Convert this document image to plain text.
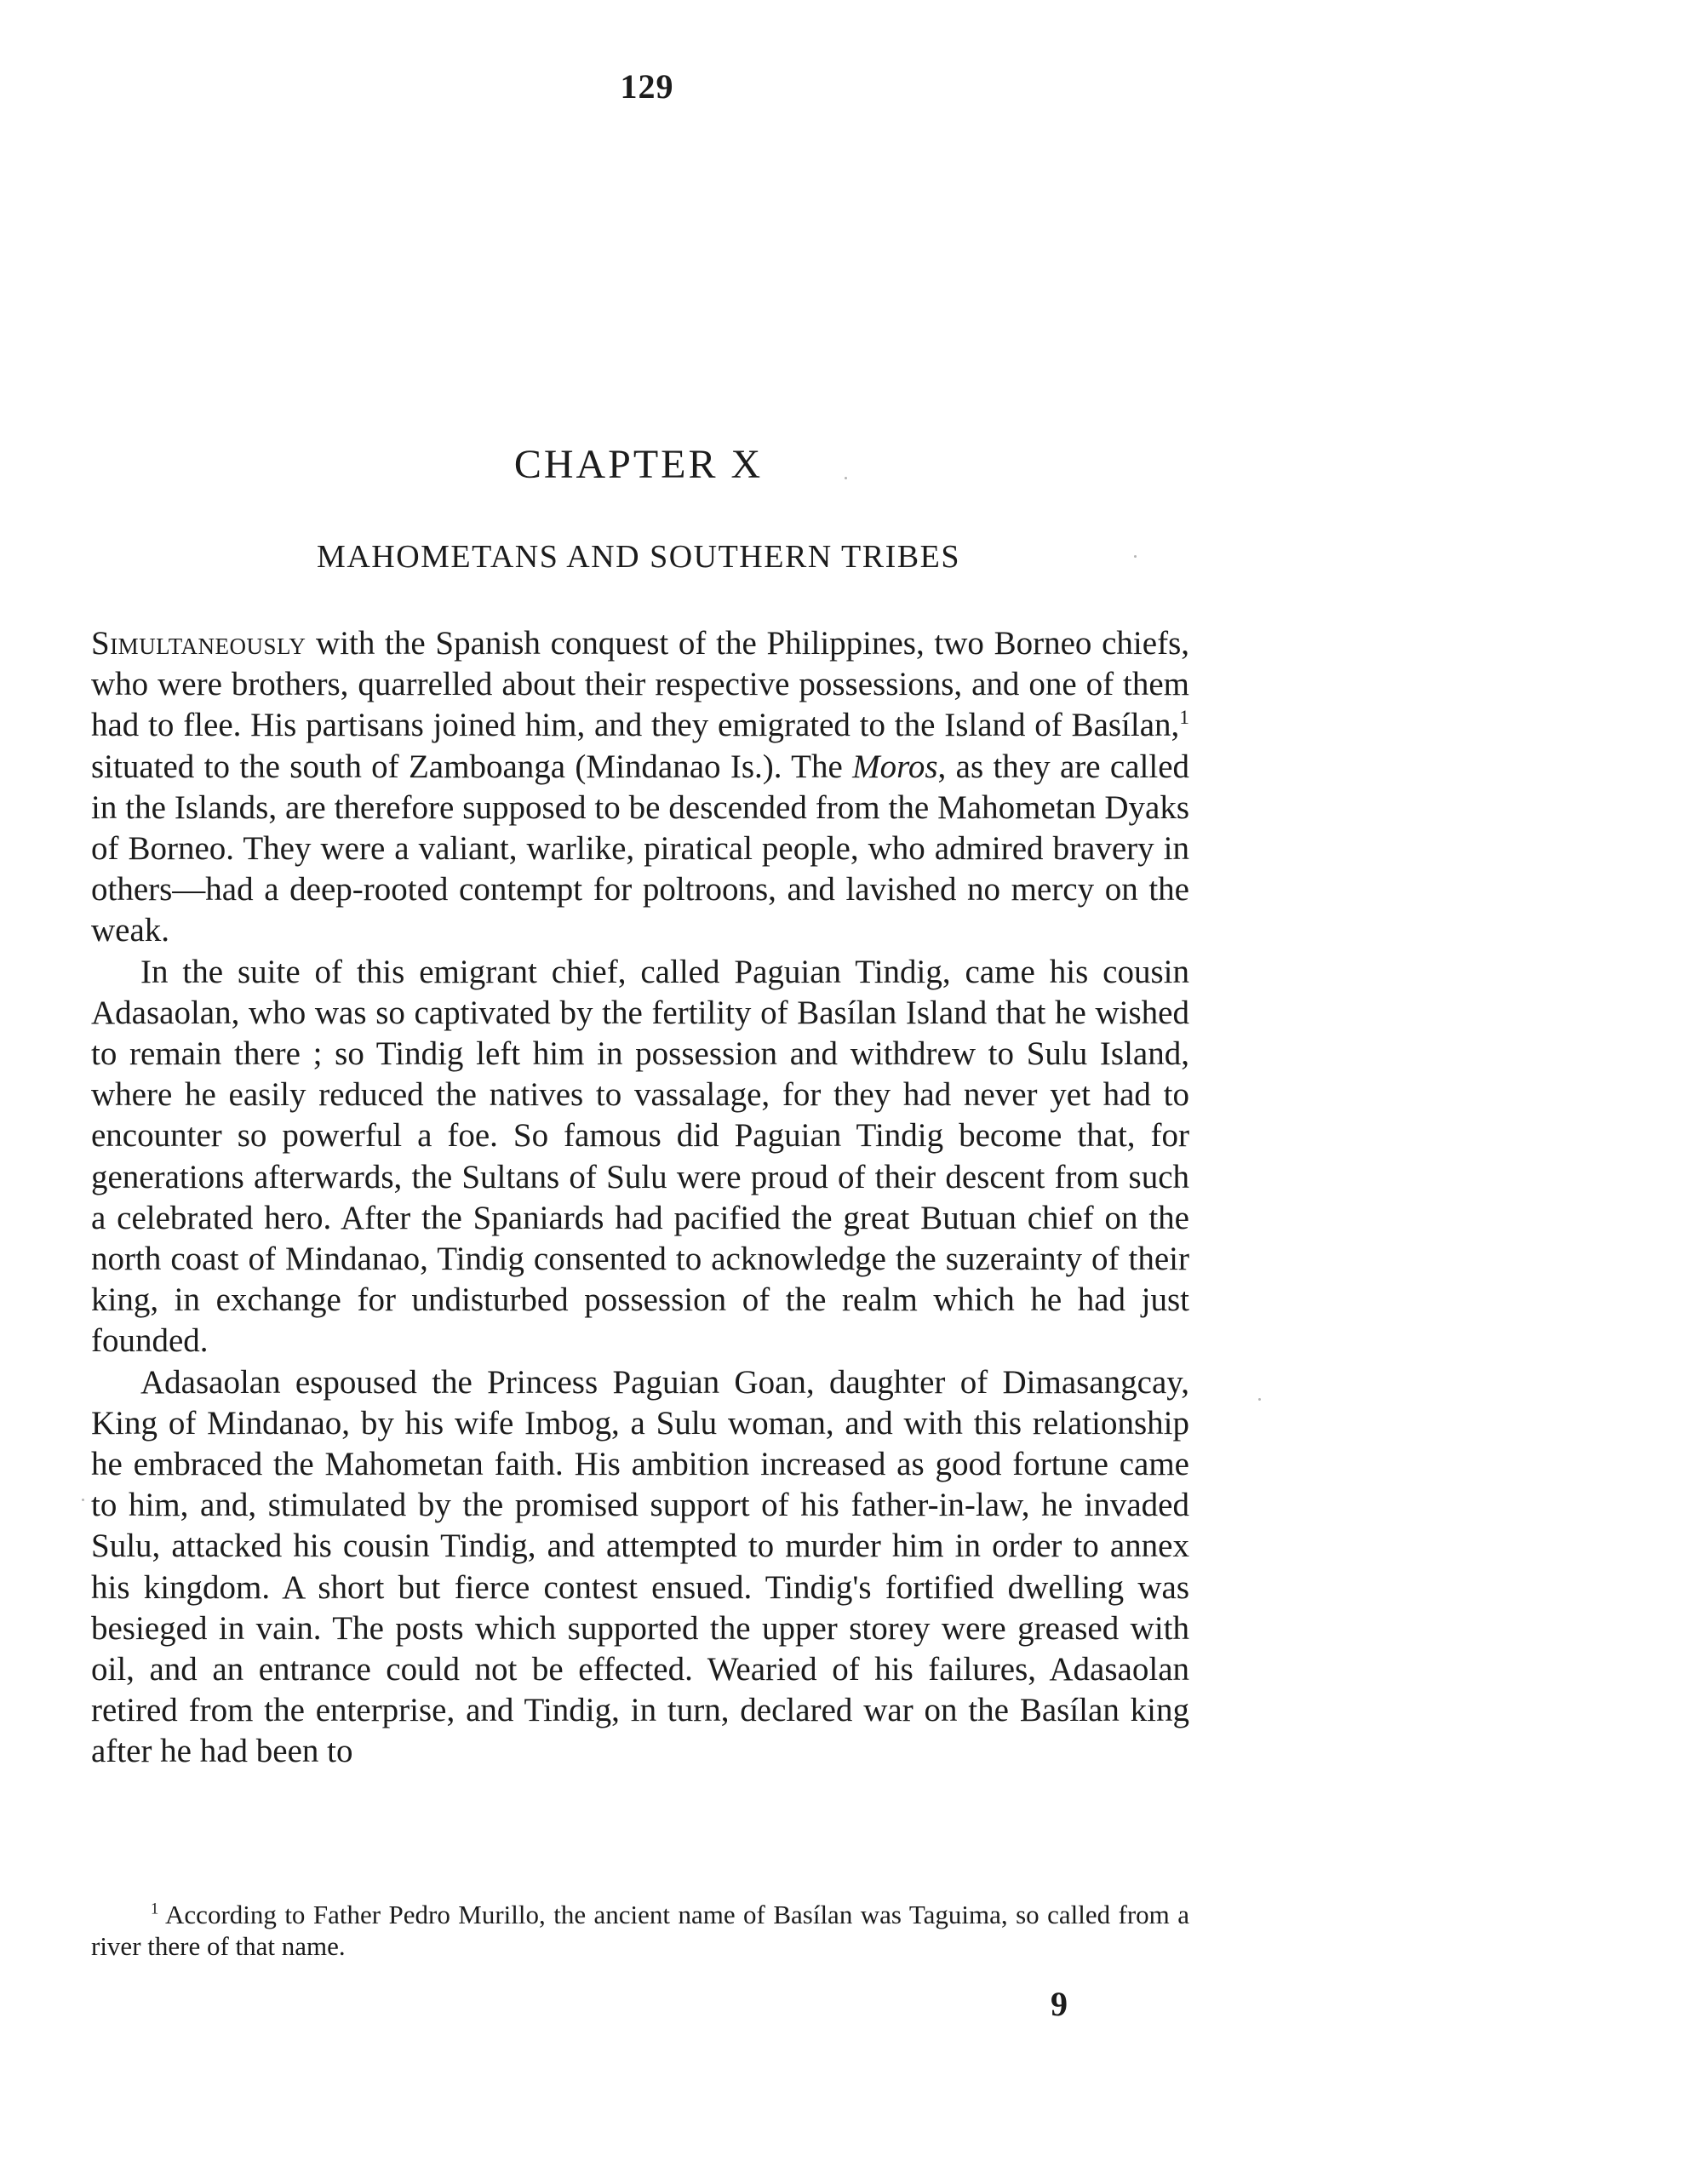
129
CHAPTER X
MAHOMETANS AND SOUTHERN TRIBES

Simultaneously with the Spanish conquest of the Philippines, two Borneo chiefs, who were brothers, quarrelled about their respective possessions, and one of them had to flee. His partisans joined him, and they emigrated to the Island of Basílan,$^1$ situated to the south of Zamboanga (Mindanao Is.). The Moros, as they are called in the Islands, are therefore supposed to be descended from the Mahometan Dyaks of Borneo. They were a valiant, warlike, piratical people, who admired bravery in others—had a deep-rooted contempt for poltroons, and lavished no mercy on the weak.

In the suite of this emigrant chief, called Paguian Tindig, came his cousin Adasaolan, who was so captivated by the fertility of Basílan Island that he wished to remain there ; so Tindig left him in possession and withdrew to Sulu Island, where he easily reduced the natives to vassalage, for they had never yet had to encounter so powerful a foe. So famous did Paguian Tindig become that, for generations afterwards, the Sultans of Sulu were proud of their descent from such a celebrated hero. After the Spaniards had pacified the great Butuan chief on the north coast of Mindanao, Tindig consented to acknowledge the suzerainty of their king, in exchange for undisturbed possession of the realm which he had just founded.

Adasaolan espoused the Princess Paguian Goan, daughter of Dimasangcay, King of Mindanao, by his wife Imbog, a Sulu woman, and with this relationship he embraced the Mahometan faith. His ambition increased as good fortune came to him, and, stimulated by the promised support of his father-in-law, he invaded Sulu, attacked his cousin Tindig, and attempted to murder him in order to annex his kingdom. A short but fierce contest ensued. Tindig's fortified dwelling was besieged in vain. The posts which supported the upper storey were greased with oil, and an entrance could not be effected. Wearied of his failures, Adasaolan retired from the enterprise, and Tindig, in turn, declared war on the Basílan king after he had been to

$^1$ According to Father Pedro Murillo, the ancient name of Basílan was Taguima, so called from a river there of that name.

9
